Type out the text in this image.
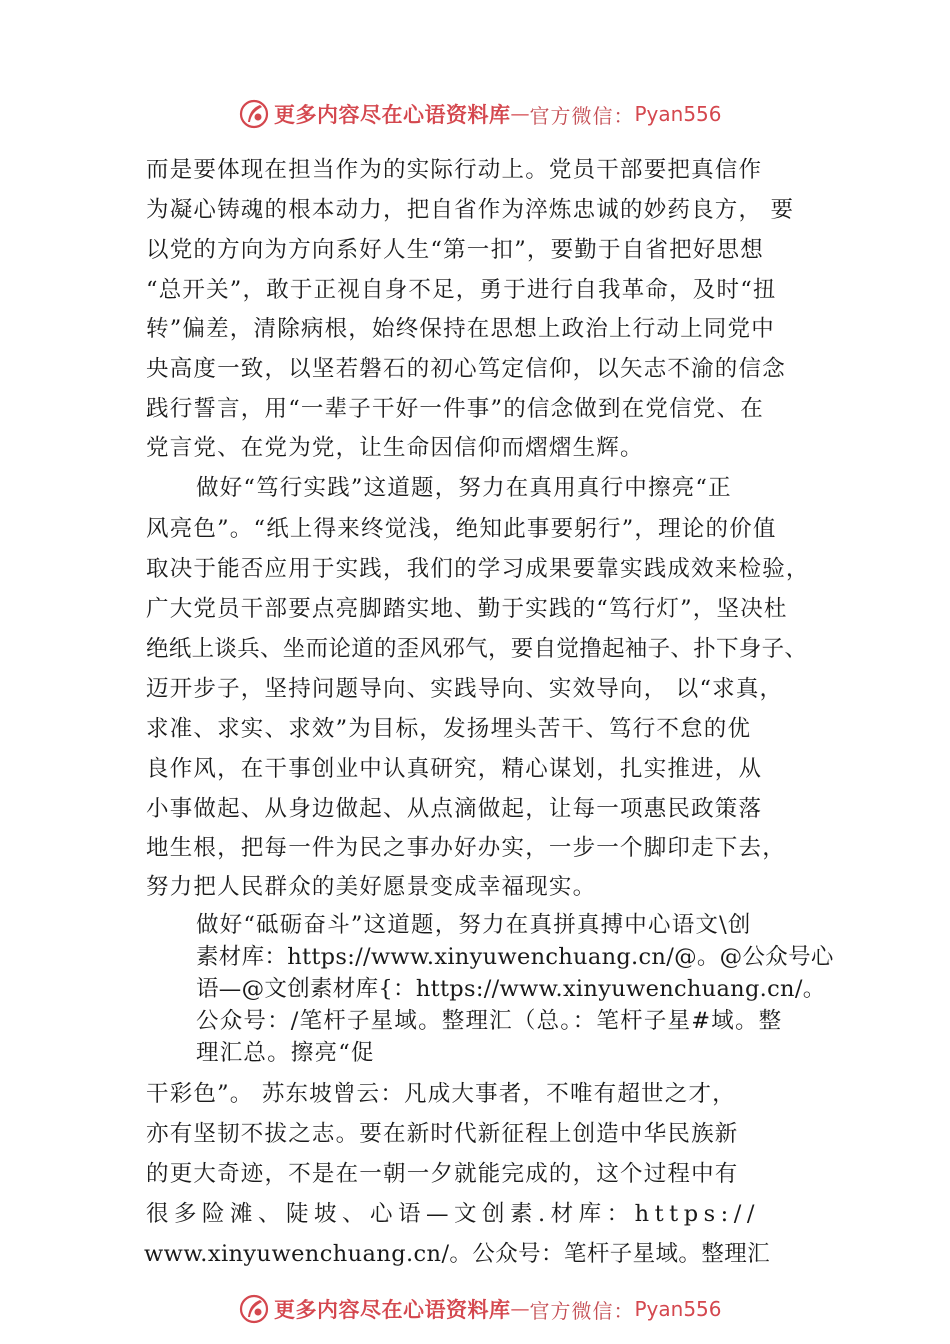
更多内容尽在心语资料库 — 官方微信： Pyan556

而是要体现在担当作为的实际行动上。党员干部要把真信作

为凝心铸魂的根本动力，把自省作为淬炼忠诚的妙药良方， 要

以党的方向为方向系好人生“第一扣”，要勤于自省把好思想

“总开关”，敢于正视自身不足，勇于进行自我革命，及时“扭

转”偏差，清除病根，始终保持在思想上政治上行动上同党中

央高度一致，以坚若磐石的初心笃定信仰，以矢志不渝的信念

践行誓言，用“一辈子干好一件事”的信念做到在党信党、在

党言党、在党为党，让生命因信仰而熠熠生辉。

做好“笃行实践”这道题，努力在真用真行中擦亮“正

风亮色”。“纸上得来终觉浅，绝知此事要躬行”，理论的价值

取决于能否应用于实践，我们的学习成果要靠实践成效来检验，

广大党员干部要点亮脚踏实地、勤于实践的“笃行灯”，坚决杜

绝纸上谈兵、坐而论道的歪风邪气，要自觉撸起袖子、扑下身子、

迈开步子，坚持问题导向、实践导向、实效导向， 以“求真，

求准、求实、求效”为目标，发扬埋头苦干、笃行不怠的优

良作风，在干事创业中认真研究，精心谋划，扎实推进，从

小事做起、从身边做起、从点滴做起，让每一项惠民政策落

地生根，把每一件为民之事办好办实，一步一个脚印走下去，

努力把人民群众的美好愿景变成幸福现实。

做好“砥砺奋斗”这道题，努力在真拼真搏中心语文\创

素材库：https://www.xinyuwenchuang.cn/@。@公众号心

语—@文创素材库{：https://www.xinyuwenchuang.cn/。

公众号：/笔杆子星域。整理汇（总。：笔杆子星#域。整

理汇总。擦亮“促

干彩色”。 苏东坡曾云：凡成大事者，不唯有超世之才，

亦有坚韧不拔之志。要在新时代新征程上创造中华民族新

的更大奇迹，不是在一朝一夕就能完成的，这个过程中有

很多险滩、陡坡、心语—文创素.材库：https://

www.xinyuwenchuang.cn/。公众号：笔杆子星域。整理汇

更多内容尽在心语资料库 — 官方微信： Pyan556
